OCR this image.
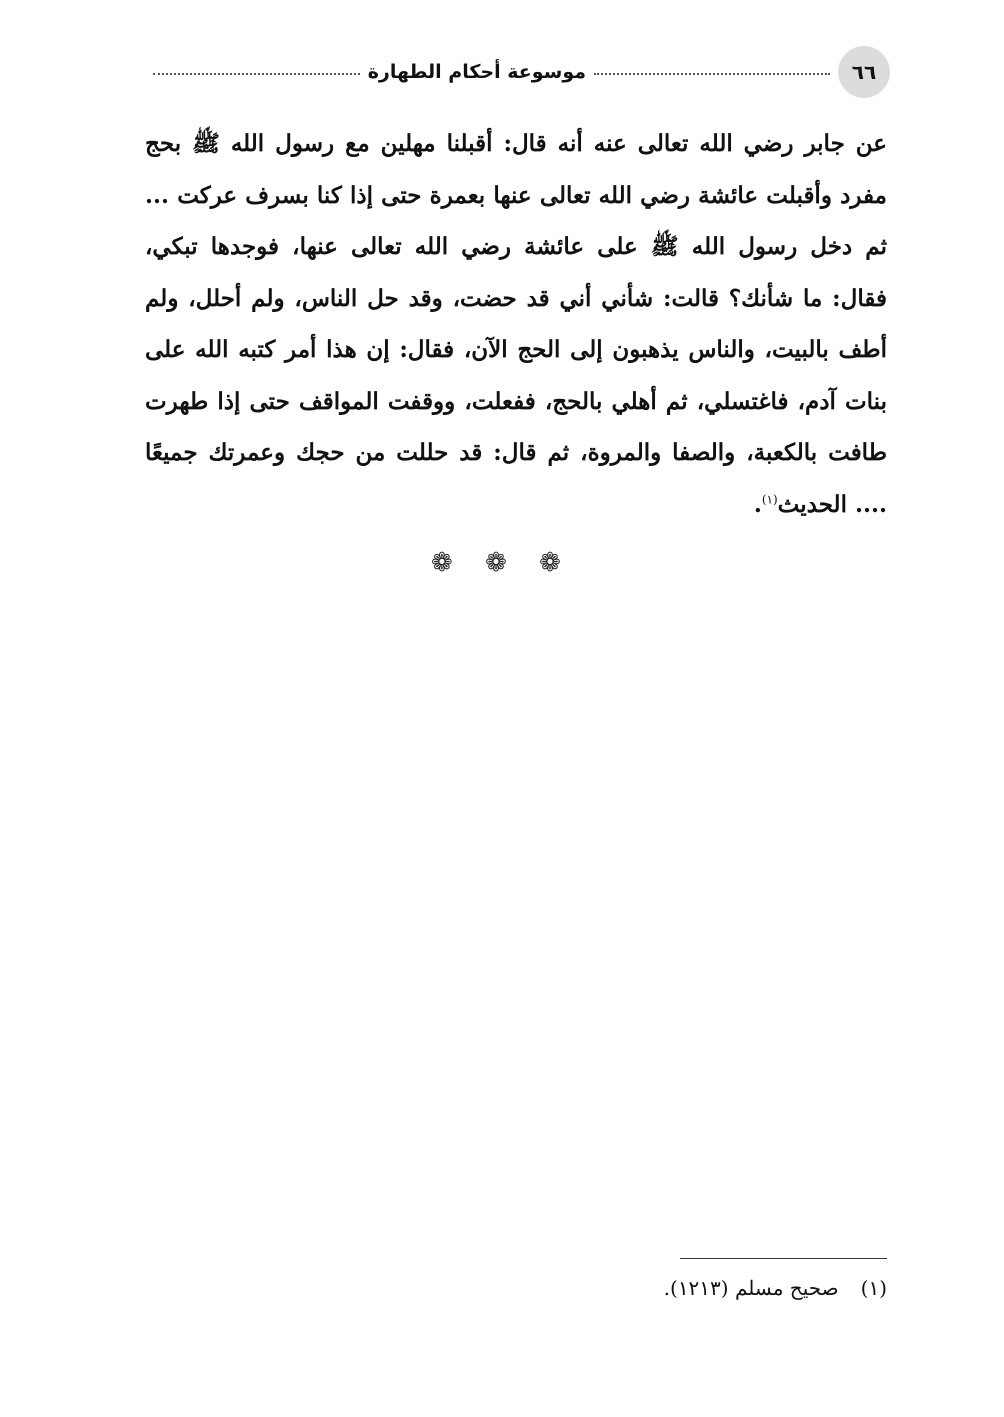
٦٦
موسوعة أحكام الطهارة
عن جابر رضي الله تعالى عنه أنه قال: أقبلنا مهلين مع رسول الله ﷺ بحج مفرد وأقبلت عائشة رضي الله تعالى عنها بعمرة حتى إذا كنا بسرف عركت ... ثم دخل رسول الله ﷺ على عائشة رضي الله تعالى عنها، فوجدها تبكي، فقال: ما شأنك؟ قالت: شأني أني قد حضت، وقد حل الناس، ولم أحلل، ولم أطف بالبيت، والناس يذهبون إلى الحج الآن، فقال: إن هذا أمر كتبه الله على بنات آدم، فاغتسلي، ثم أهلي بالحج، ففعلت، ووقفت المواقف حتى إذا طهرت طافت بالكعبة، والصفا والمروة، ثم قال: قد حللت من حجك وعمرتك جميعًا .... الحديث$^{(١)}$.
❁ ❁ ❁
(١)صحيح مسلم (١٢١٣).
